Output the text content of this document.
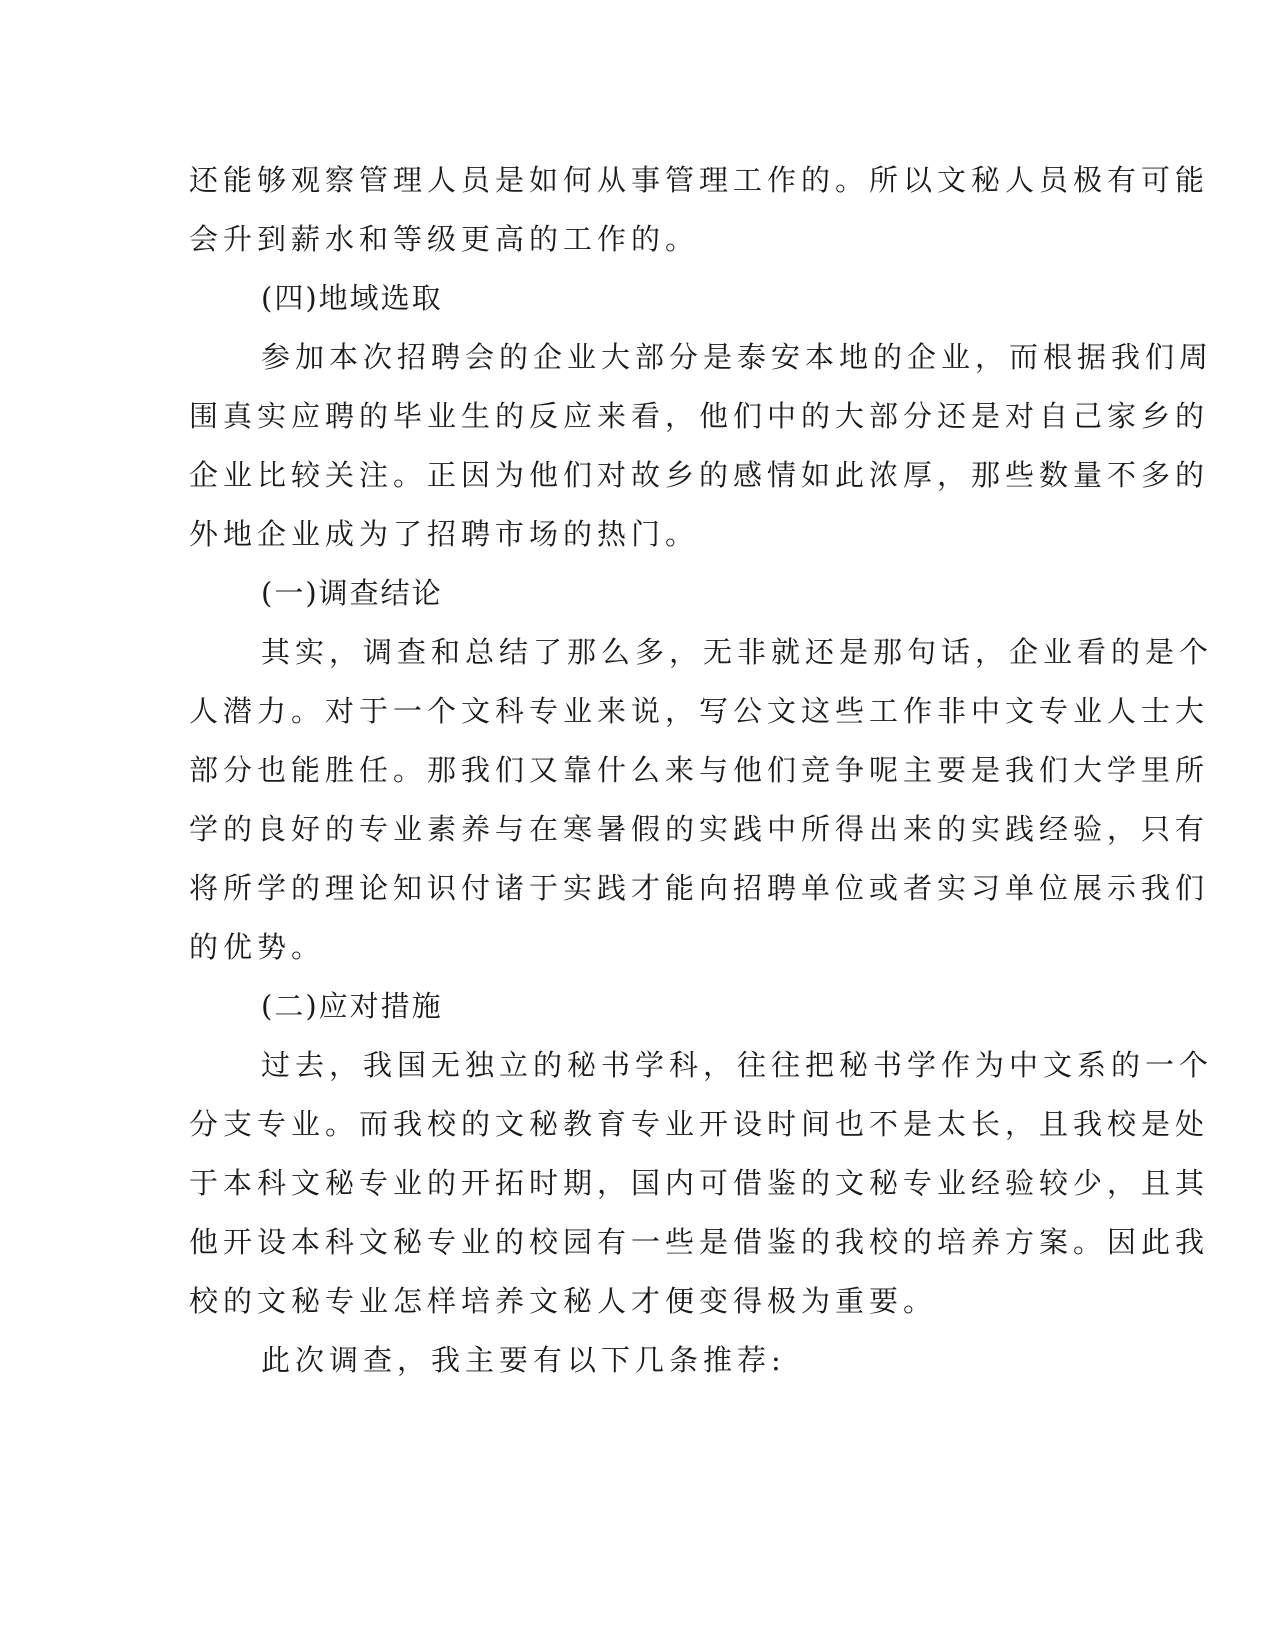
还能够观察管理人员是如何从事管理工作的。所以文秘人员极有可能

会升到薪水和等级更高的工作的。

(四)地域选取

参加本次招聘会的企业大部分是泰安本地的企业，而根据我们周

围真实应聘的毕业生的反应来看，他们中的大部分还是对自己家乡的

企业比较关注。正因为他们对故乡的感情如此浓厚，那些数量不多的

外地企业成为了招聘市场的热门。

(一)调查结论

其实，调查和总结了那么多，无非就还是那句话，企业看的是个

人潜力。对于一个文科专业来说，写公文这些工作非中文专业人士大

部分也能胜任。那我们又靠什么来与他们竞争呢主要是我们大学里所

学的良好的专业素养与在寒暑假的实践中所得出来的实践经验，只有

将所学的理论知识付诸于实践才能向招聘单位或者实习单位展示我们

的优势。

(二)应对措施

过去，我国无独立的秘书学科，往往把秘书学作为中文系的一个

分支专业。而我校的文秘教育专业开设时间也不是太长，且我校是处

于本科文秘专业的开拓时期，国内可借鉴的文秘专业经验较少，且其

他开设本科文秘专业的校园有一些是借鉴的我校的培养方案。因此我

校的文秘专业怎样培养文秘人才便变得极为重要。

此次调查，我主要有以下几条推荐:
